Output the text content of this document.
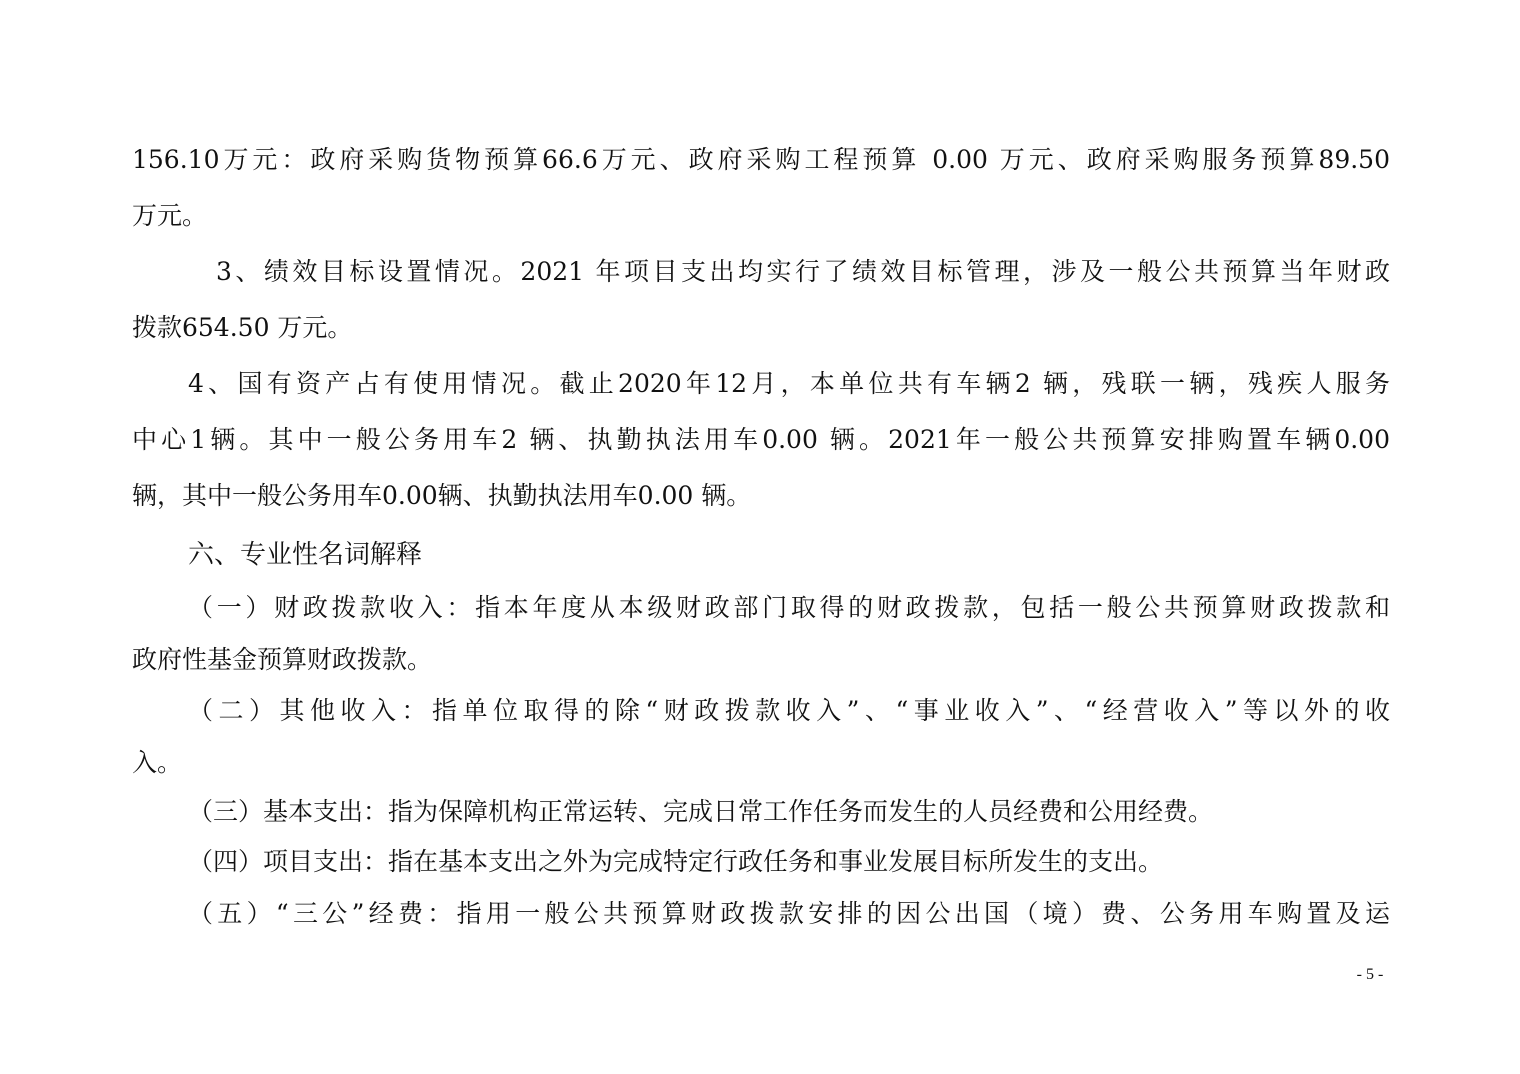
156.10万元：政府采购货物预算66.6万元、政府采购工程预算 0.00 万元、政府采购服务预算89.50
万元。
3、绩效目标设置情况。2021 年项目支出均实行了绩效目标管理，涉及一般公共预算当年财政
拨款654.50 万元。
4、国有资产占有使用情况。截止2020年12月，本单位共有车辆2 辆，残联一辆，残疾人服务
中心1辆。其中一般公务用车2 辆、执勤执法用车0.00 辆。2021年一般公共预算安排购置车辆0.00
辆，其中一般公务用车0.00辆、执勤执法用车0.00 辆。
六、专业性名词解释
（一）财政拨款收入：指本年度从本级财政部门取得的财政拨款，包括一般公共预算财政拨款和
政府性基金预算财政拨款。
（二）其他收入：指单位取得的除“财政拨款收入”、“事业收入”、“经营收入”等以外的收
入。
（三）基本支出：指为保障机构正常运转、完成日常工作任务而发生的人员经费和公用经费。
（四）项目支出：指在基本支出之外为完成特定行政任务和事业发展目标所发生的支出。
（五）“三公”经费：指用一般公共预算财政拨款安排的因公出国（境）费、公务用车购置及运
- 5 -
